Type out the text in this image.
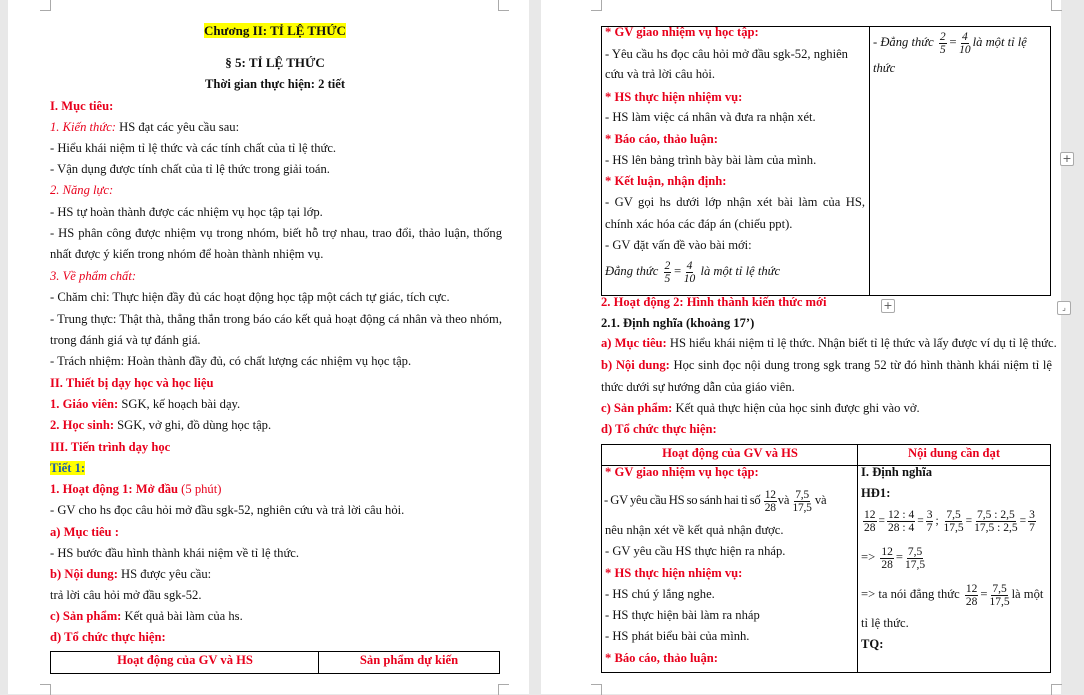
Chương II: TỈ LỆ THỨC
§ 5: TỈ LỆ THỨC
Thời gian thực hiện: 2 tiết
I. Mục tiêu:
1. Kiến thức: HS đạt các yêu cầu sau:
- Hiểu khái niệm tỉ lệ thức và các tính chất của tỉ lệ thức.
- Vận dụng được tính chất của tỉ lệ thức trong giải toán.
2. Năng lực:
- HS tự hoàn thành được các nhiệm vụ học tập tại lớp.
- HS phân công được nhiệm vụ trong nhóm, biết hỗ trợ nhau, trao đổi, thảo luận, thống
nhất được ý kiến trong nhóm để hoàn thành nhiệm vụ.
3. Về phẩm chất:
- Chăm chỉ: Thực hiện đầy đủ các hoạt động học tập một cách tự giác, tích cực.
- Trung thực: Thật thà, thẳng thắn trong báo cáo kết quả hoạt động cá nhân và theo nhóm,
trong đánh giá và tự đánh giá.
- Trách nhiệm: Hoàn thành đầy đủ, có chất lượng các nhiệm vụ học tập.
II. Thiết bị dạy học và học liệu
1. Giáo viên: SGK, kế hoạch bài dạy.
2. Học sinh: SGK, vở ghi, đồ dùng học tập.
III. Tiến trình dạy học
Tiết 1:
1. Hoạt động 1: Mở đầu (5 phút)
- GV cho hs đọc câu hỏi mở đầu sgk-52, nghiên cứu và trả lời câu hỏi.
a) Mục tiêu :
- HS bước đầu hình thành khái niệm về tỉ lệ thức.
b) Nội dung: HS được yêu cầu:
trả lời câu hỏi mở đầu sgk-52.
c) Sản phẩm: Kết quả bài làm của hs.
d) Tổ chức thực hiện:
Hoạt động của GV và HS	Sản phẩm dự kiến
* GV giao nhiệm vụ học tập:
- Yêu cầu hs đọc câu hỏi mở đầu sgk-52, nghiên
cứu và trả lời câu hỏi.
* HS thực hiện nhiệm vụ:
- HS làm việc cá nhân và đưa ra nhận xét.
* Báo cáo, thảo luận:
- HS lên bảng trình bày bài làm của mình.
* Kết luận, nhận định:
- GV gọi hs dưới lớp nhận xét bài làm của HS,
chính xác hóa các đáp án (chiếu ppt).
- GV đặt vấn đề vào bài mới:
Đẳng thức $\frac{2}{5} = \frac{4}{10}$ là một tỉ lệ thức
- Đẳng thức $\frac{2}{5} = \frac{4}{10}$ là một tỉ lệ
thức
2. Hoạt động 2: Hình thành kiến thức mới
2.1. Định nghĩa (khoảng 17’)
a) Mục tiêu: HS hiểu khái niệm tỉ lệ thức. Nhận biết tỉ lệ thức và lấy được ví dụ tỉ lệ thức.
b) Nội dung: Học sinh đọc nội dung trong sgk trang 52 từ đó hình thành khái niệm tỉ lệ
thức dưới sự hướng dẫn của giáo viên.
c) Sản phẩm: Kết quả thực hiện của học sinh được ghi vào vở.
d) Tổ chức thực hiện:
Hoạt động của GV và HS	Nội dung cần đạt
* GV giao nhiệm vụ học tập:
- GV yêu cầu HS so sánh hai tỉ số $\frac{12}{28}$ và $\frac{7,5}{17,5}$ và
nêu nhận xét về kết quả nhận được.
- GV yêu cầu HS thực hiện ra nháp.
* HS thực hiện nhiệm vụ:
- HS chú ý lắng nghe.
- HS thực hiện bài làm ra nháp
- HS phát biểu bài của mình.
* Báo cáo, thảo luận:
I. Định nghĩa
HĐ1:
$\frac{12}{28} = \frac{12 : 4}{28 : 4} = \frac{3}{7}$ ; $\frac{7,5}{17,5} = \frac{7,5 : 2,5}{17,5 : 2,5} = \frac{3}{7}$
=> $\frac{12}{28} = \frac{7,5}{17,5}$
=> ta nói đẳng thức $\frac{12}{28} = \frac{7,5}{17,5}$ là một
tỉ lệ thức.
TQ:
+
+
⌟
